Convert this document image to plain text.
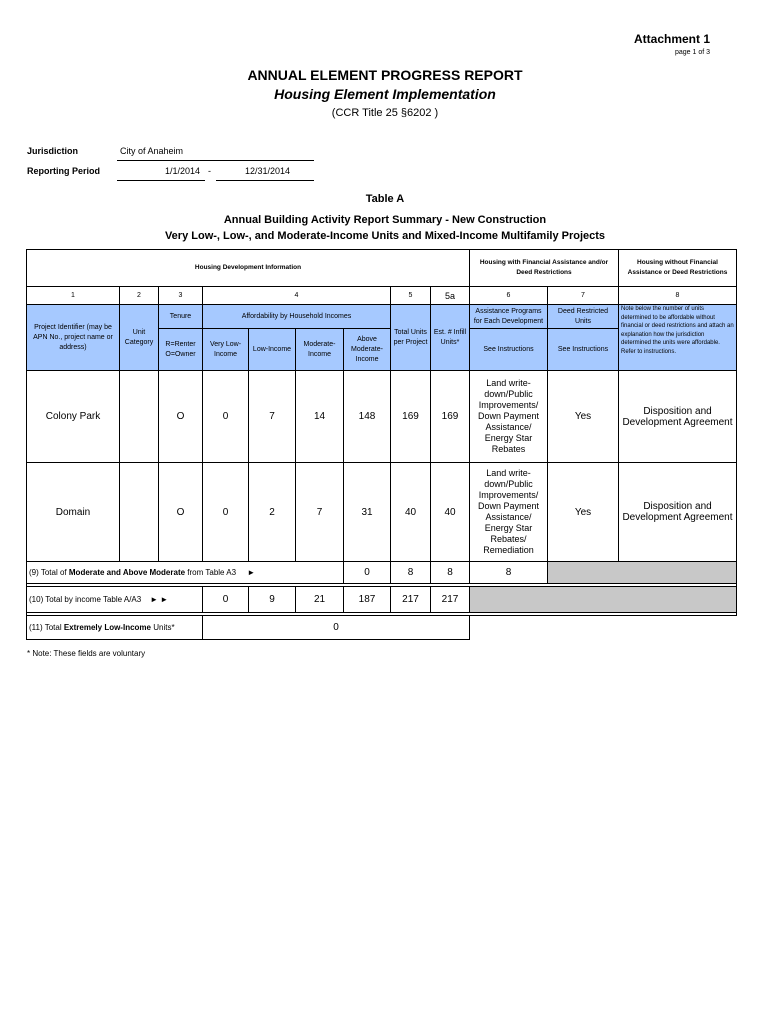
Attachment 1
page 1 of 3
ANNUAL ELEMENT PROGRESS REPORT
Housing Element Implementation
(CCR Title 25 §6202 )
Jurisdiction	City of Anaheim
Reporting Period	1/1/2014 -	12/31/2014
Table A
Annual Building Activity Report Summary - New Construction
Very Low-, Low-, and Moderate-Income Units and Mixed-Income Multifamily Projects
Housing Development Information									Housing with Financial Assistance and/or Deed Restrictions		Housing without Financial Assistance or Deed Restrictions
1	2	3	4				5	5a	6	7	8
Project Identifier (may be APN No., project name or address)	Unit Category	Tenure	Affordability by Household Incomes				Total Units per Project	Est. # Infill Units*	Assistance Programs for Each Development	Deed Restricted Units	Note below the number of units determined to be affordable without financial or deed restrictions and attach an explanation how the jurisdiction determined the units were affordable. Refer to instructions.
		R=Renter O=Owner	Very Low-Income	Low-Income	Moderate-Income	Above Moderate-Income			See Instructions	See Instructions	
Colony Park		O	0	7	14	148	169	169	Land write-down/Public Improvements/ Down Payment Assistance/ Energy Star Rebates	Yes	Disposition and Development Agreement
Domain		O	0	2	7	31	40	40	Land write-down/Public Improvements/ Down Payment Assistance/ Energy Star Rebates/ Remediation	Yes	Disposition and Development Agreement
(9) Total of Moderate and Above Moderate from Table A3 ►						0	8	8	8		

(10) Total by income Table A/A3 ► ►			0	9	21	187	217	217			

(11) Total Extremely Low-Income Units*			0								
* Note: These fields are voluntary
